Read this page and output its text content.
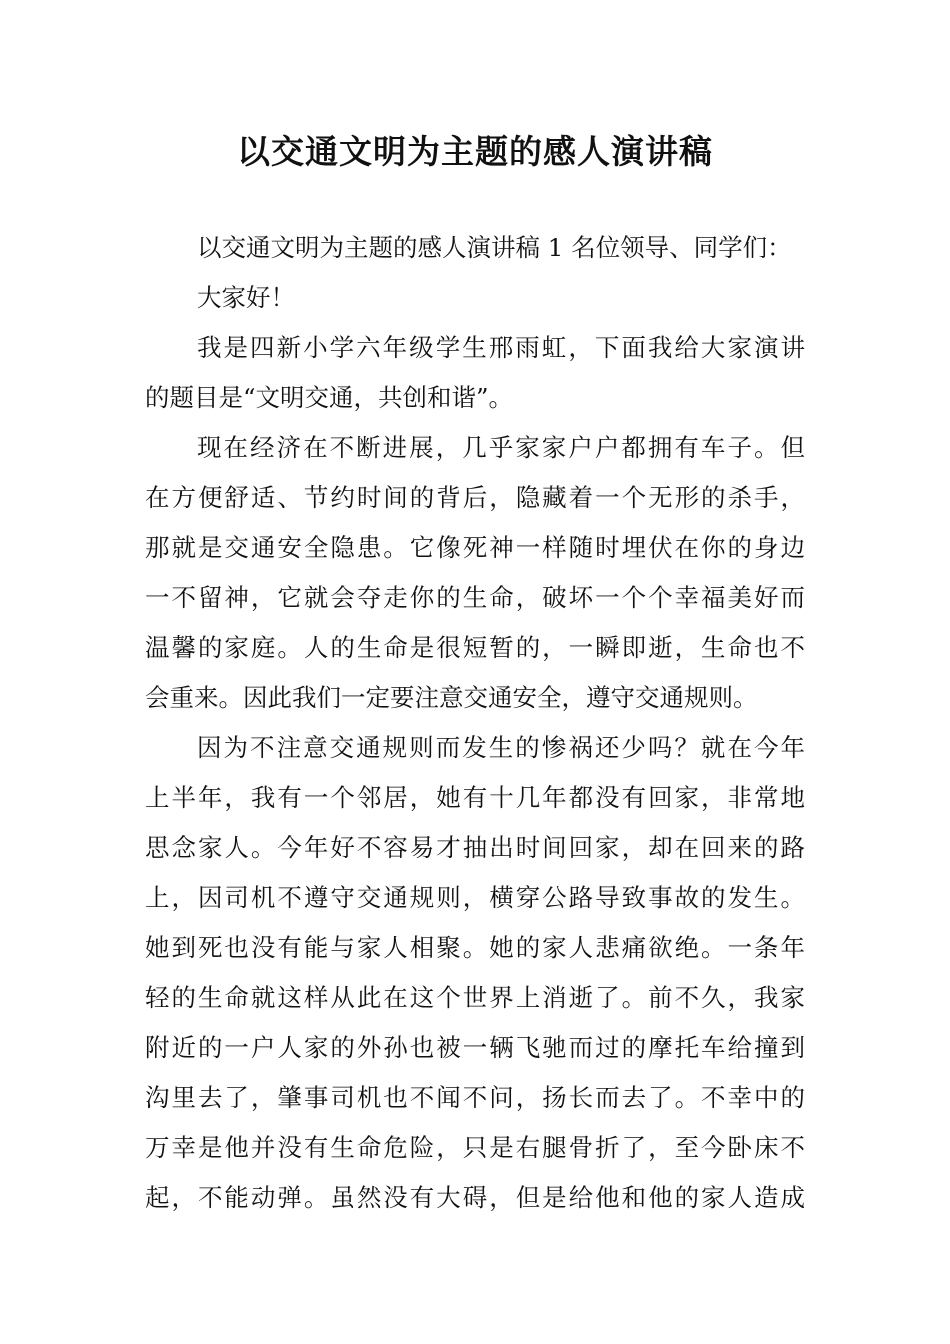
以交通文明为主题的感人演讲稿
以交通文明为主题的感人演讲稿 1 名位领导、同学们：
大家好！
我是四新小学六年级学生邢雨虹，下面我给大家演讲
的题目是“文明交通，共创和谐”。
现在经济在不断进展，几乎家家户户都拥有车子。但
在方便舒适、节约时间的背后，隐藏着一个无形的杀手，
那就是交通安全隐患。它像死神一样随时埋伏在你的身边
一不留神，它就会夺走你的生命，破坏一个个幸福美好而
温馨的家庭。人的生命是很短暂的，一瞬即逝，生命也不
会重来。因此我们一定要注意交通安全，遵守交通规则。
因为不注意交通规则而发生的惨祸还少吗？就在今年
上半年，我有一个邻居，她有十几年都没有回家，非常地
思念家人。今年好不容易才抽出时间回家，却在回来的路
上，因司机不遵守交通规则，横穿公路导致事故的发生。
她到死也没有能与家人相聚。她的家人悲痛欲绝。一条年
轻的生命就这样从此在这个世界上消逝了。前不久，我家
附近的一户人家的外孙也被一辆飞驰而过的摩托车给撞到
沟里去了，肇事司机也不闻不问，扬长而去了。不幸中的
万幸是他并没有生命危险，只是右腿骨折了，至今卧床不
起，不能动弹。虽然没有大碍，但是给他和他的家人造成
